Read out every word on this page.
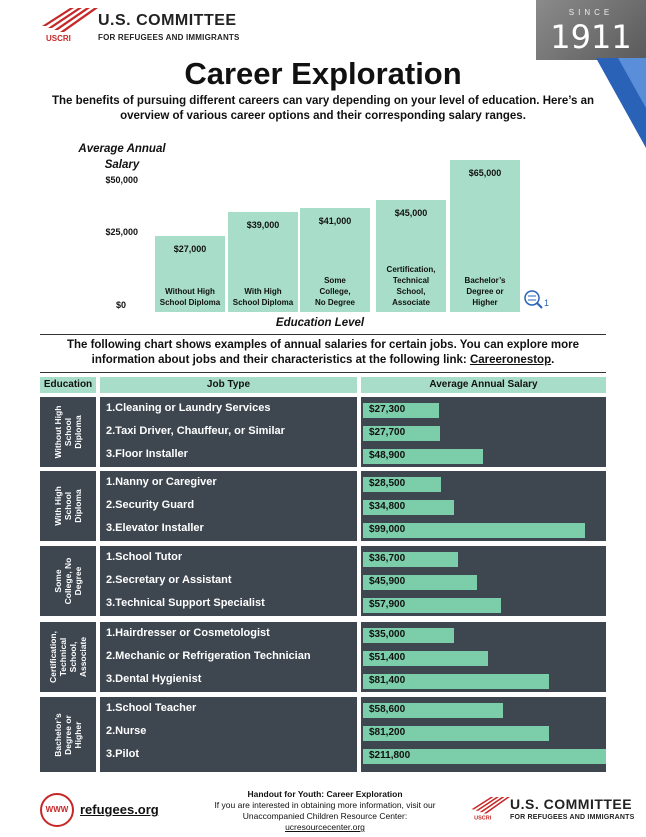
USCRI
U.S. COMMITTEE
FOR REFUGEES AND IMMIGRANTS
SINCE
1911
Career Exploration
The benefits of pursuing different careers can vary depending on your level of education. Here’s an overview of various career options and their corresponding salary ranges.
Average Annual
Salary
$50,000
$25,000
$0
$27,000
Without High
School Diploma
$39,000
With High
School Diploma
$41,000
Some
College,
No Degree
$45,000
Certification,
Technical
School,
Associate
$65,000
Bachelor’s
Degree or
Higher
Education Level
1
The following chart shows examples of annual salaries for certain jobs. You can explore more information about jobs and their characteristics at the following link: Careeronestop.
Education	Job Type	Average Annual Salary
Without High School Diploma
1.Cleaning or Laundry Services	$27,300
2.Taxi Driver, Chauffeur, or Similar	$27,700
3.Floor Installer	$48,900
With High School Diploma
1.Nanny or Caregiver	$28,500
2.Security Guard	$34,800
3.Elevator Installer	$99,000
Some College, No Degree
1.School Tutor	$36,700
2.Secretary or Assistant	$45,900
3.Technical Support Specialist	$57,900
Certification, Technical School, Associate
1.Hairdresser or Cosmetologist	$35,000
2.Mechanic or Refrigeration Technician	$51,400
3.Dental Hygienist	$81,400
Bachelor’s Degree or Higher
1.School Teacher	$58,600
2.Nurse	$81,200
3.Pilot	$211,800
WWW refugees.org
Handout for Youth: Career Exploration
If you are interested in obtaining more information, visit our
Unaccompanied Children Resource Center:
ucresourcecenter.org
USCRI
U.S. COMMITTEE
FOR REFUGEES AND IMMIGRANTS
